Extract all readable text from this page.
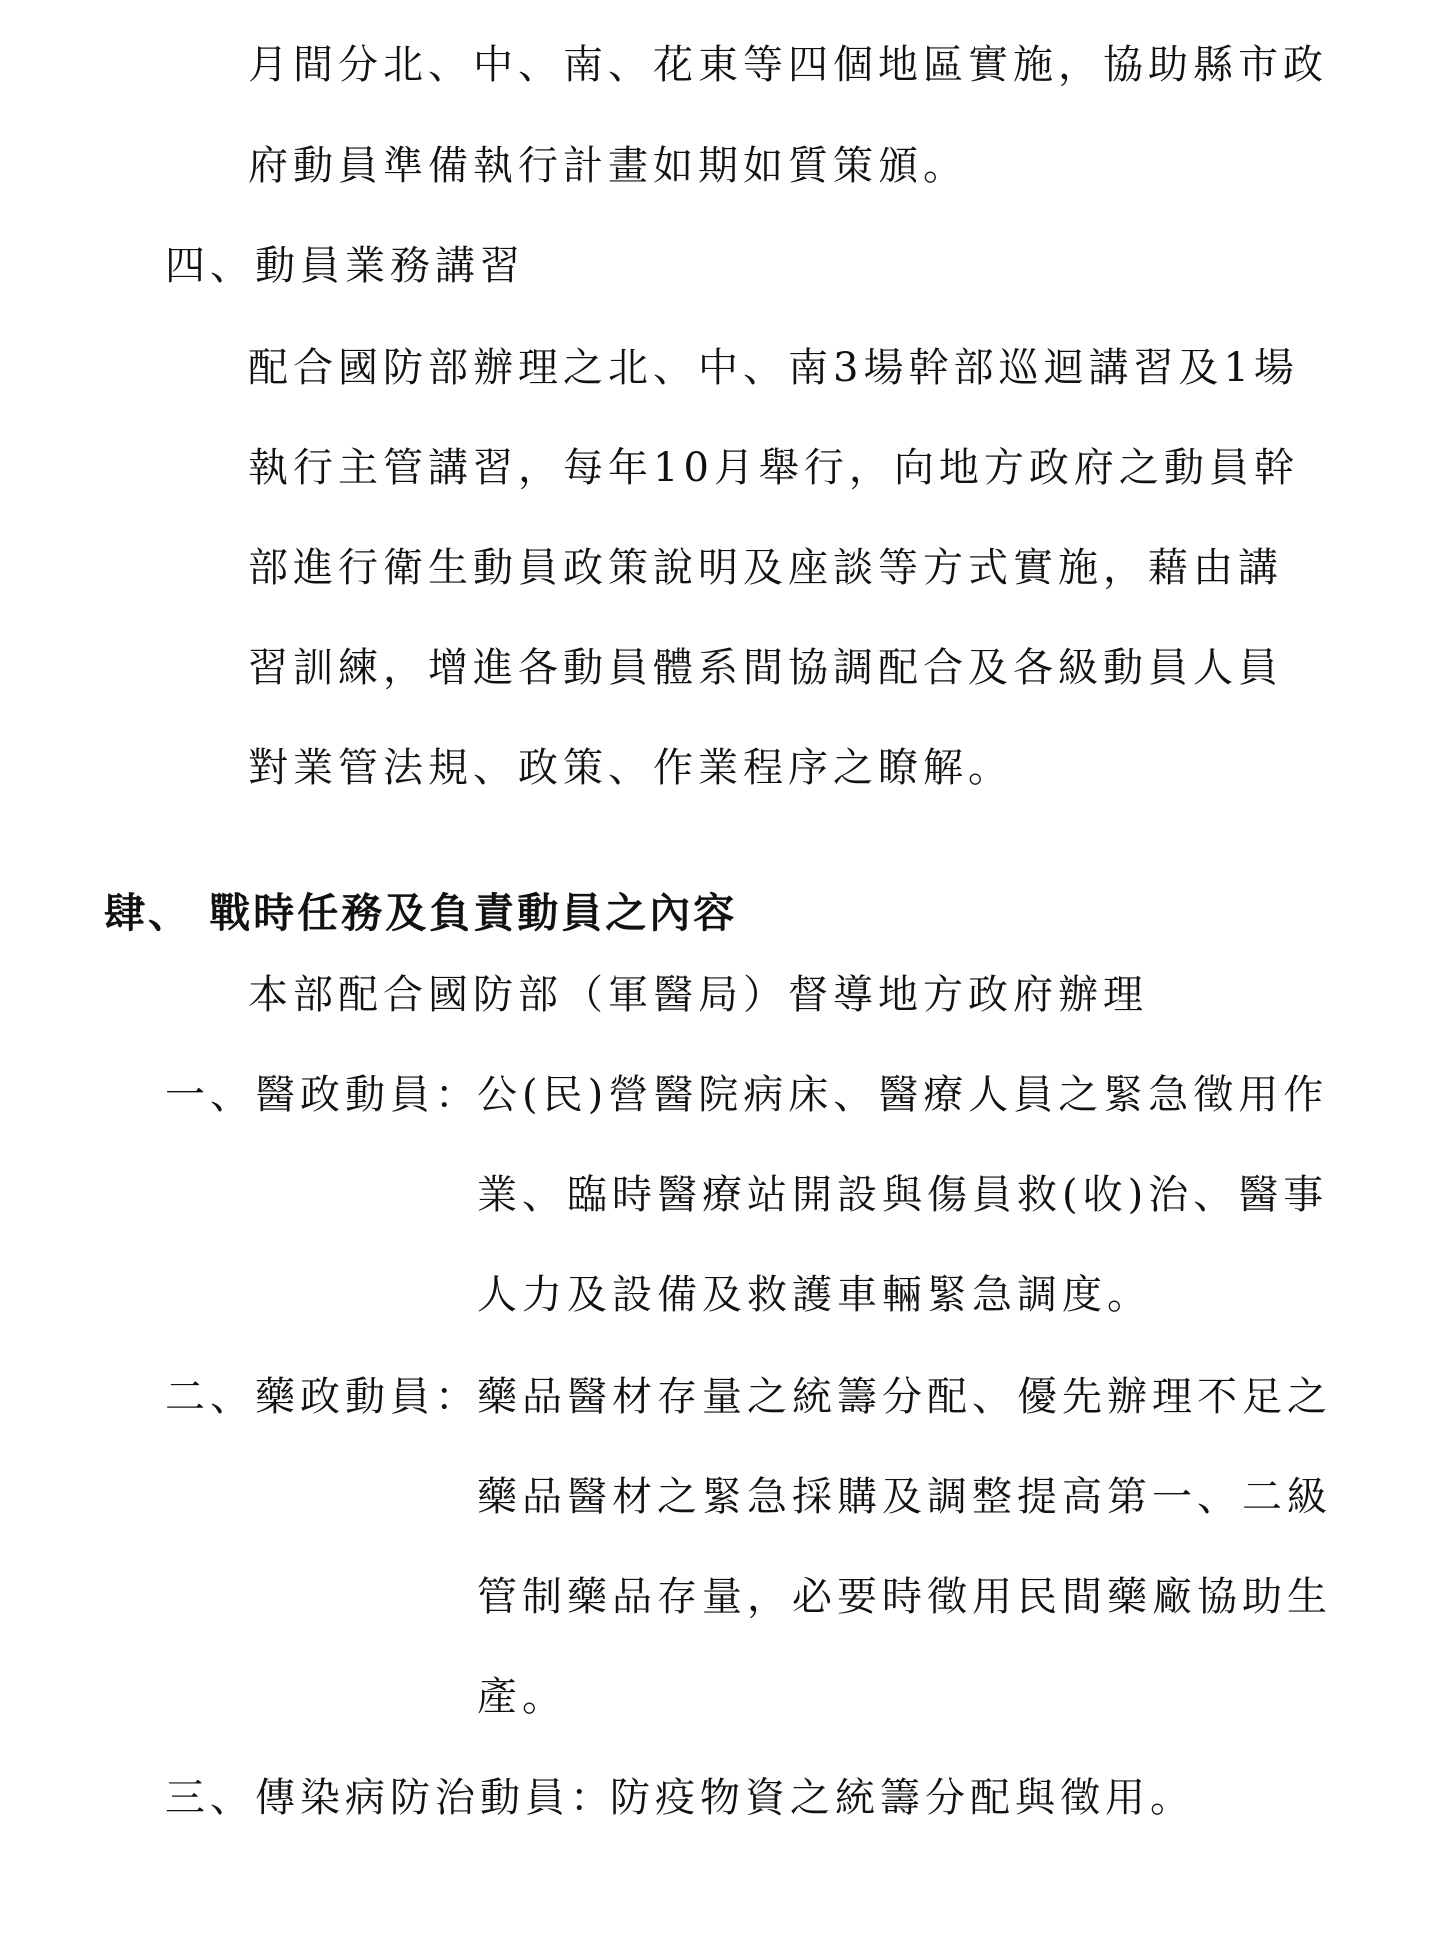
月間分北、中、南、花東等四個地區實施，協助縣市政
府動員準備執行計畫如期如質策頒。
四、動員業務講習
配合國防部辦理之北、中、南3場幹部巡迴講習及1場
執行主管講習，每年10月舉行，向地方政府之動員幹
部進行衛生動員政策說明及座談等方式實施，藉由講
習訓練，增進各動員體系間協調配合及各級動員人員
對業管法規、政策、作業程序之瞭解。
肆、 戰時任務及負責動員之內容
本部配合國防部（軍醫局）督導地方政府辦理
一、醫政動員：
公(民)營醫院病床、醫療人員之緊急徵用作
業、臨時醫療站開設與傷員救(收)治、醫事
人力及設備及救護車輛緊急調度。
二、藥政動員：
藥品醫材存量之統籌分配、優先辦理不足之
藥品醫材之緊急採購及調整提高第一、二級
管制藥品存量，必要時徵用民間藥廠協助生
產。
三、傳染病防治動員：
防疫物資之統籌分配與徵用。
